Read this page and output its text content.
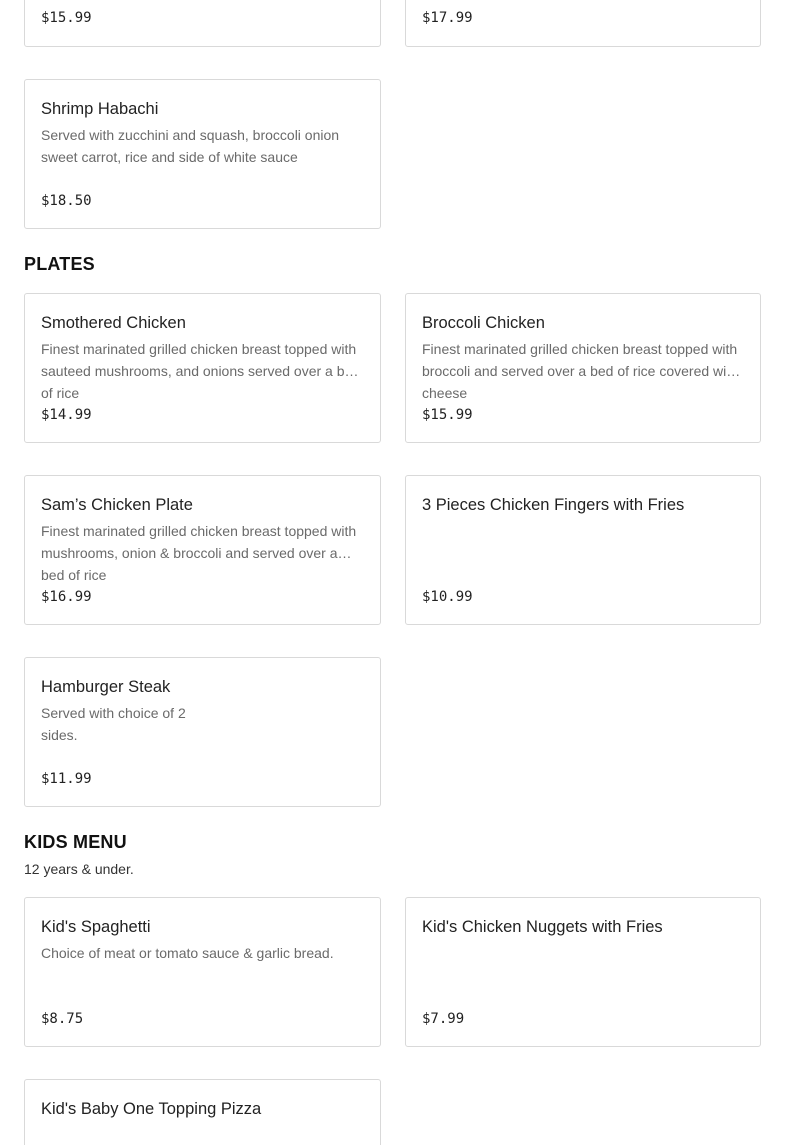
$15.99	$17.99
Shrimp Habachi
Served with zucchini and squash, broccoli onion sweet carrot, rice and side of white sauce
$18.50
PLATES
Smothered Chicken
Finest marinated grilled chicken breast topped with sauteed mushrooms, and onions served over a bed of rice
$14.99
Broccoli Chicken
Finest marinated grilled chicken breast topped with broccoli and served over a bed of rice covered with cheese
$15.99
Sam’s Chicken Plate
Finest marinated grilled chicken breast topped with mushrooms, onion & broccoli and served over a bed of rice
$16.99
3 Pieces Chicken Fingers with Fries
$10.99
Hamburger Steak
Served with choice of 2 sides.
$11.99
KIDS MENU
12 years & under.
Kid's Spaghetti
Choice of meat or tomato sauce & garlic bread.
$8.75
Kid's Chicken Nuggets with Fries
$7.99
Kid's Baby One Topping Pizza
